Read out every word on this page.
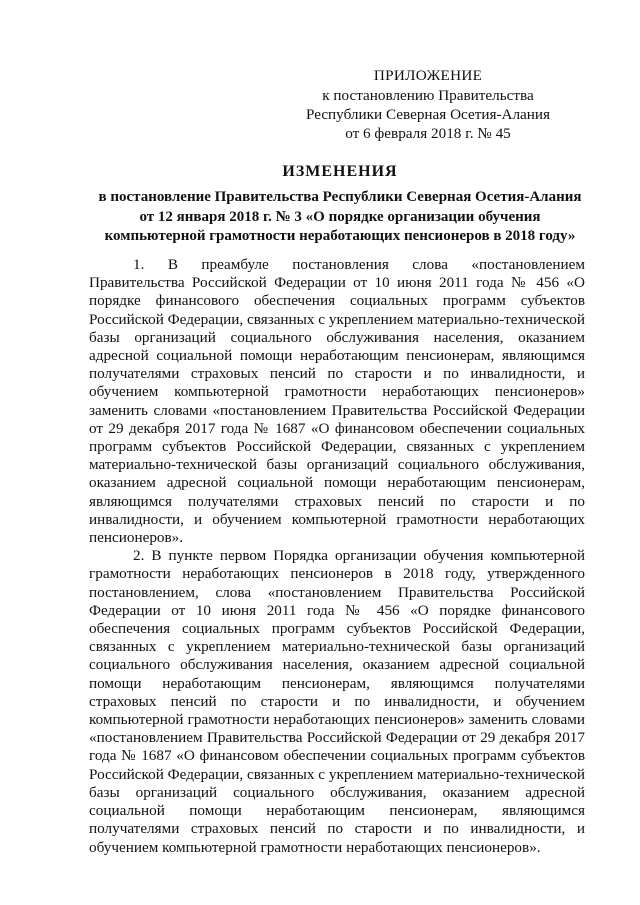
ПРИЛОЖЕНИЕ
к постановлению Правительства
Республики Северная Осетия-Алания
от 6 февраля 2018 г. № 45
ИЗМЕНЕНИЯ
в постановление Правительства Республики Северная Осетия-Алания
от 12 января 2018 г. № 3 «О порядке организации обучения
компьютерной грамотности неработающих пенсионеров в 2018 году»

1. В преамбуле постановления слова «постановлением Правительства Российской Федерации от 10 июня 2011 года № 456 «О порядке финансового обеспечения социальных программ субъектов Российской Федерации, связанных с укреплением материально-технической базы организаций социального обслуживания населения, оказанием адресной социальной помощи неработающим пенсионерам, являющимся получателями страховых пенсий по старости и по инвалидности, и обучением компьютерной грамотности неработающих пенсионеров» заменить словами «постановлением Правительства Российской Федерации от 29 декабря 2017 года № 1687 «О финансовом обеспечении социальных программ субъектов Российской Федерации, связанных с укреплением материально-технической базы организаций социального обслуживания, оказанием адресной социальной помощи неработающим пенсионерам, являющимся получателями страховых пенсий по старости и по инвалидности, и обучением компьютерной грамотности неработающих пенсионеров».

2. В пункте первом Порядка организации обучения компьютерной грамотности неработающих пенсионеров в 2018 году, утвержденного постановлением, слова «постановлением Правительства Российской Федерации от 10 июня 2011 года № 456 «О порядке финансового обеспечения социальных программ субъектов Российской Федерации, связанных с укреплением материально-технической базы организаций социального обслуживания населения, оказанием адресной социальной помощи неработающим пенсионерам, являющимся получателями страховых пенсий по старости и по инвалидности, и обучением компьютерной грамотности неработающих пенсионеров» заменить словами «постановлением Правительства Российской Федерации от 29 декабря 2017 года № 1687 «О финансовом обеспечении социальных программ субъектов Российской Федерации, связанных с укреплением материально-технической базы организаций социального обслуживания, оказанием адресной социальной помощи неработающим пенсионерам, являющимся получателями страховых пенсий по старости и по инвалидности, и обучением компьютерной грамотности неработающих пенсионеров».
